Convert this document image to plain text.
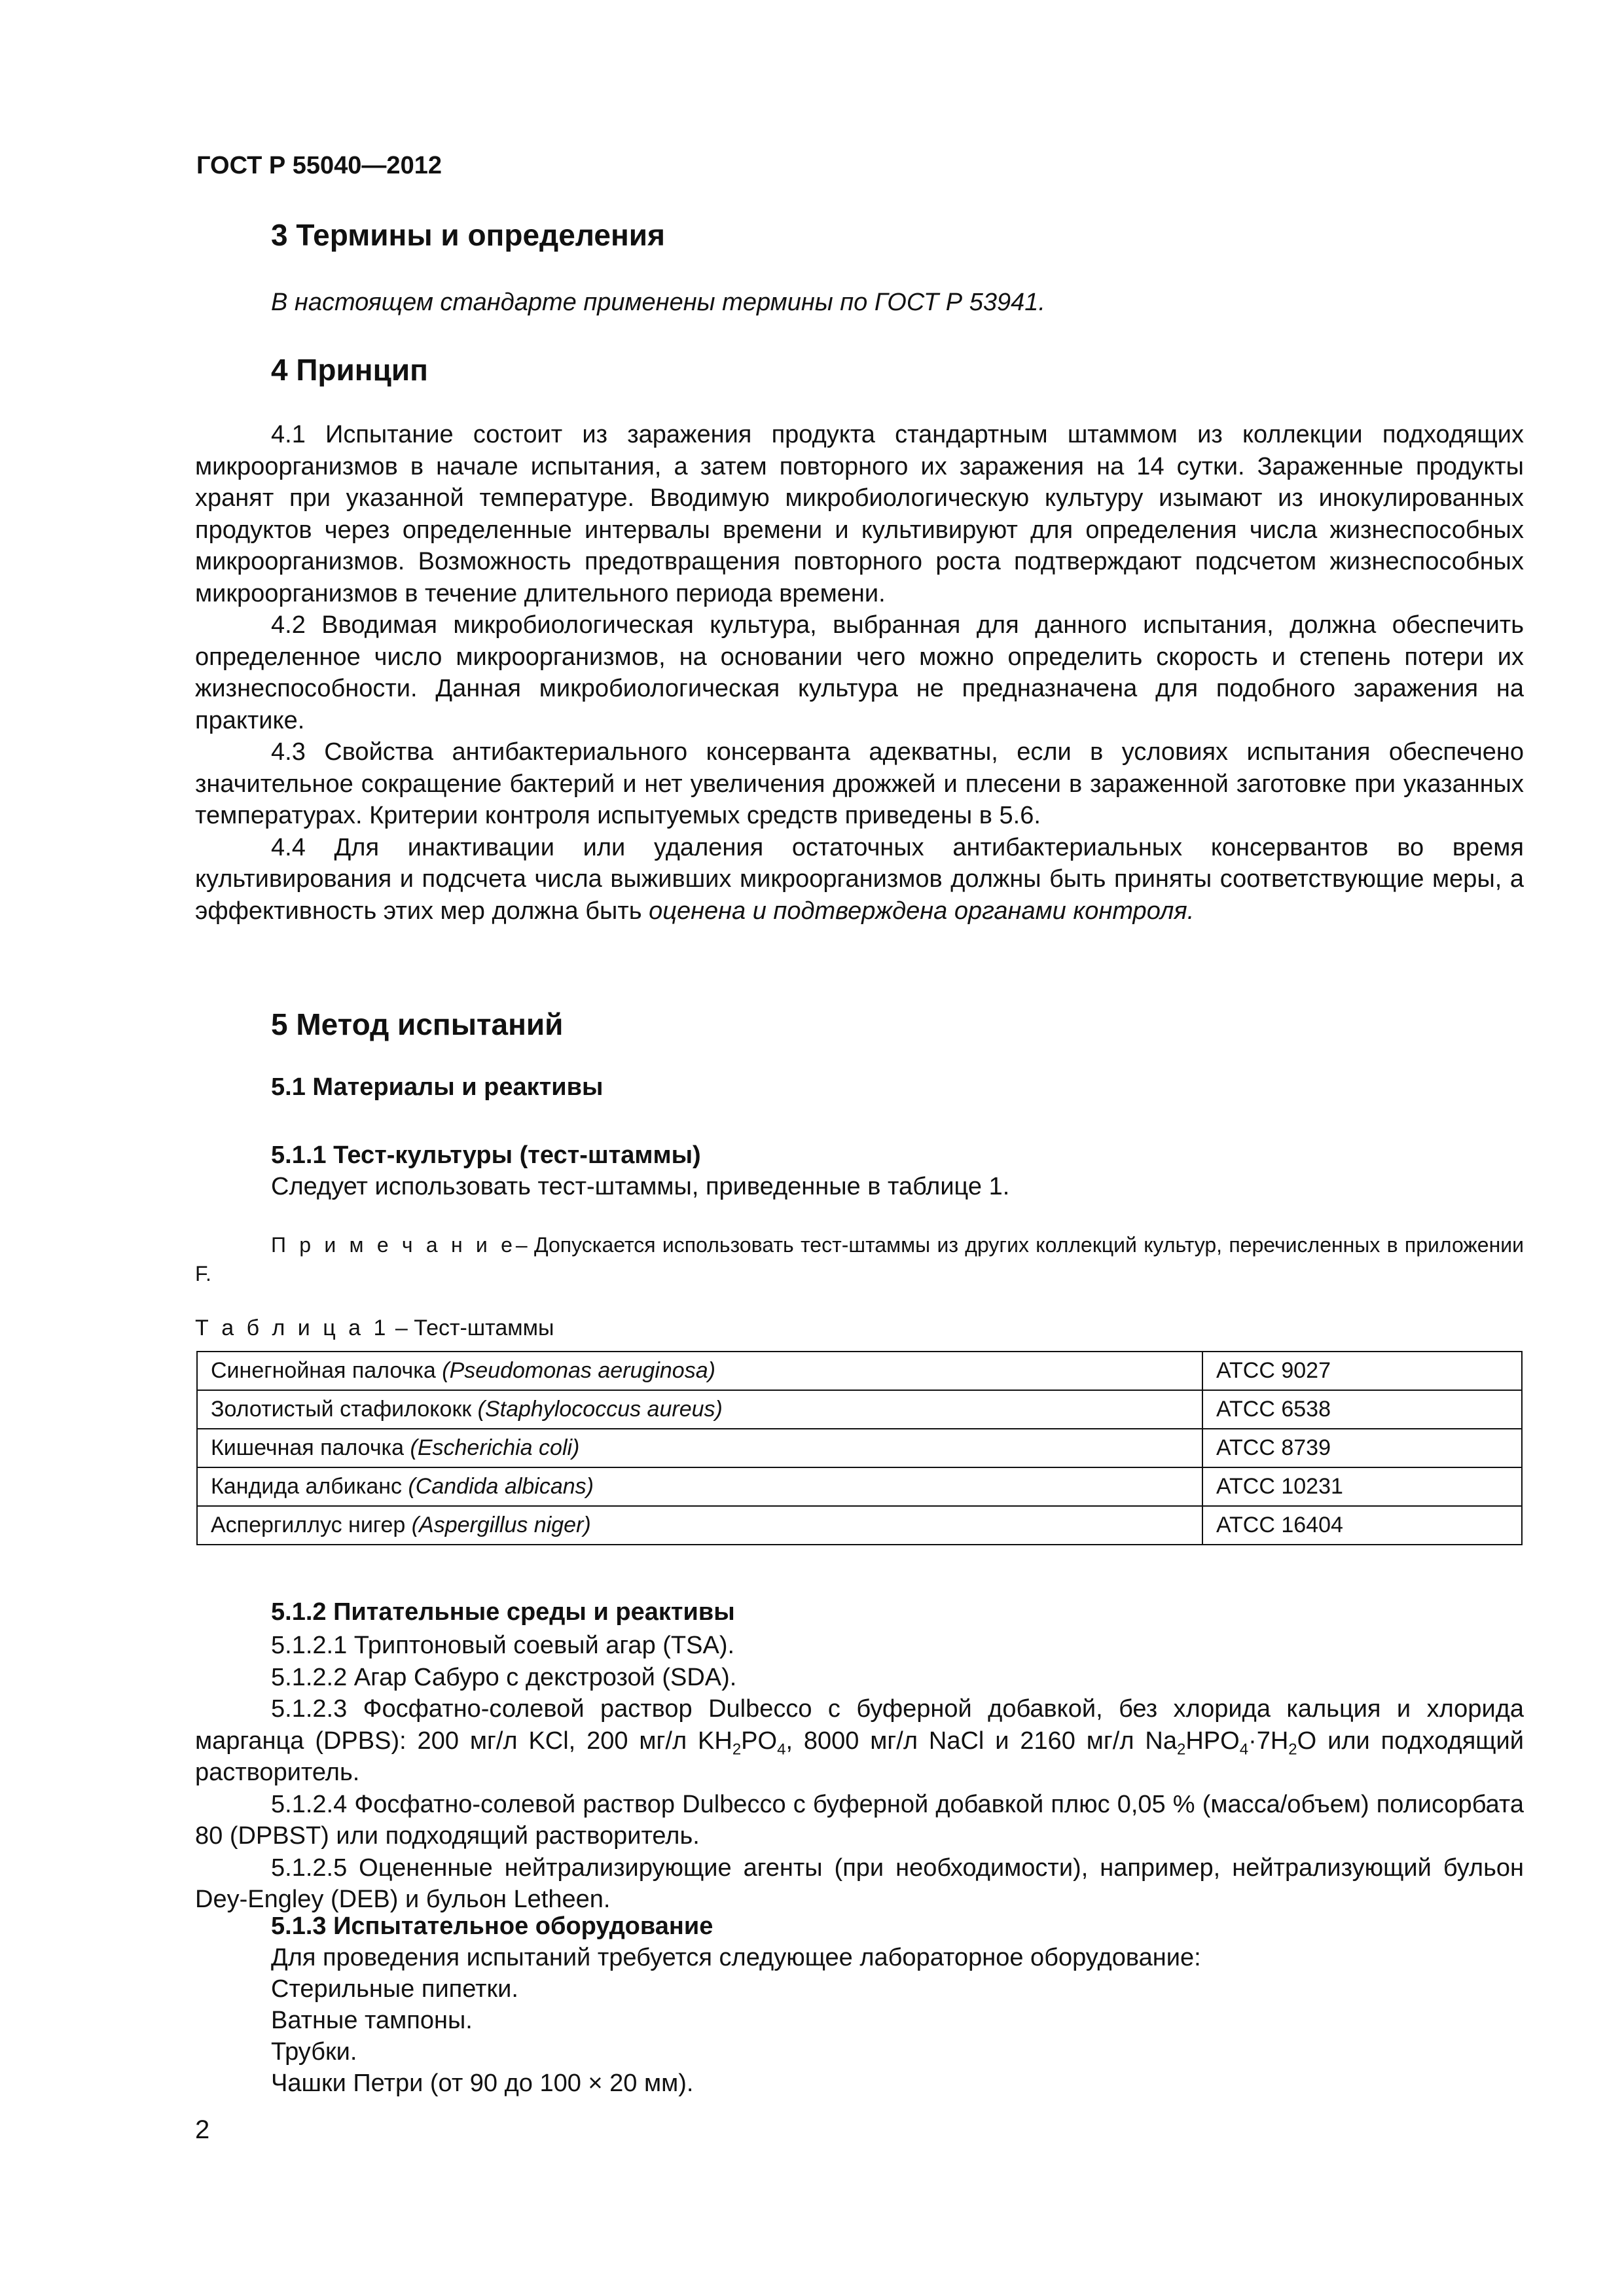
ГОСТ Р 55040—2012

3 Термины и определения

В настоящем стандарте применены термины по ГОСТ Р 53941.

4 Принцип

4.1 Испытание состоит из заражения продукта стандартным штаммом из коллекции подходящих микроорганизмов в начале испытания, а затем повторного их заражения на 14 сутки. Зараженные продукты хранят при указанной температуре. Вводимую микробиологическую культуру изымают из инокулированных продуктов через определенные интервалы времени и культивируют для определения числа жизнеспособных микроорганизмов. Возможность предотвращения повторного роста подтверждают подсчетом жизнеспособных микроорганизмов в течение длительного периода времени.

4.2 Вводимая микробиологическая культура, выбранная для данного испытания, должна обеспечить определенное число микроорганизмов, на основании чего можно определить скорость и степень потери их жизнеспособности. Данная микробиологическая культура не предназначена для подобного заражения на практике.

4.3 Свойства антибактериального консерванта адекватны, если в условиях испытания обеспечено значительное сокращение бактерий и нет увеличения дрожжей и плесени в зараженной заготовке при указанных температурах. Критерии контроля испытуемых средств приведены в 5.6.

4.4 Для инактивации или удаления остаточных антибактериальных консервантов во время культивирования и подсчета числа выживших микроорганизмов должны быть приняты соответствующие меры, а эффективность этих мер должна быть оценена и подтверждена органами контроля.

5 Метод испытаний
5.1 Материалы и реактивы
5.1.1 Тест-культуры (тест-штаммы)

Следует использовать тест-штаммы, приведенные в таблице 1.

П р и м е ч а н и е– Допускается использовать тест-штаммы из других коллекций культур, перечисленных в приложении F.

Т а б л и ц а 1 – Тест-штаммы

Синегнойная палочка (Pseudomonas aeruginosa)	АТСС 9027
Золотистый стафилококк (Staphylococcus aureus)	АТСС 6538
Кишечная палочка (Escherichia coli)	АТСС 8739
Кандида албиканс (Candida albicans)	АТСС 10231
Аспергиллус нигер (Aspergillus niger)	АТСС 16404
5.1.2 Питательные среды и реактивы

5.1.2.1 Триптоновый соевый агар (TSA).

5.1.2.2 Агар Сабуро с декстрозой (SDA).

5.1.2.3 Фосфатно-солевой раствор Dulbecco с буферной добавкой, без хлорида кальция и хлорида марганца (DPBS): 200 мг/л KCl, 200 мг/л $KH_2PO_4$, 8000 мг/л NaCl и 2160 мг/л $Na_2HPO_4\cdot 7H_2O$ или подходящий растворитель.

5.1.2.4 Фосфатно-солевой раствор Dulbecco с буферной добавкой плюс 0,05 % (масса/объем) полисорбата 80 (DPBST) или подходящий растворитель.

5.1.2.5 Оцененные нейтрализирующие агенты (при необходимости), например, нейтрализующий бульон Dey-Engley (DEB) и бульон Letheen.

5.1.3 Испытательное оборудование

Для проведения испытаний требуется следующее лабораторное оборудование:

Стерильные пипетки.

Ватные тампоны.

Трубки.

Чашки Петри (от 90 до 100 × 20 мм).

2
